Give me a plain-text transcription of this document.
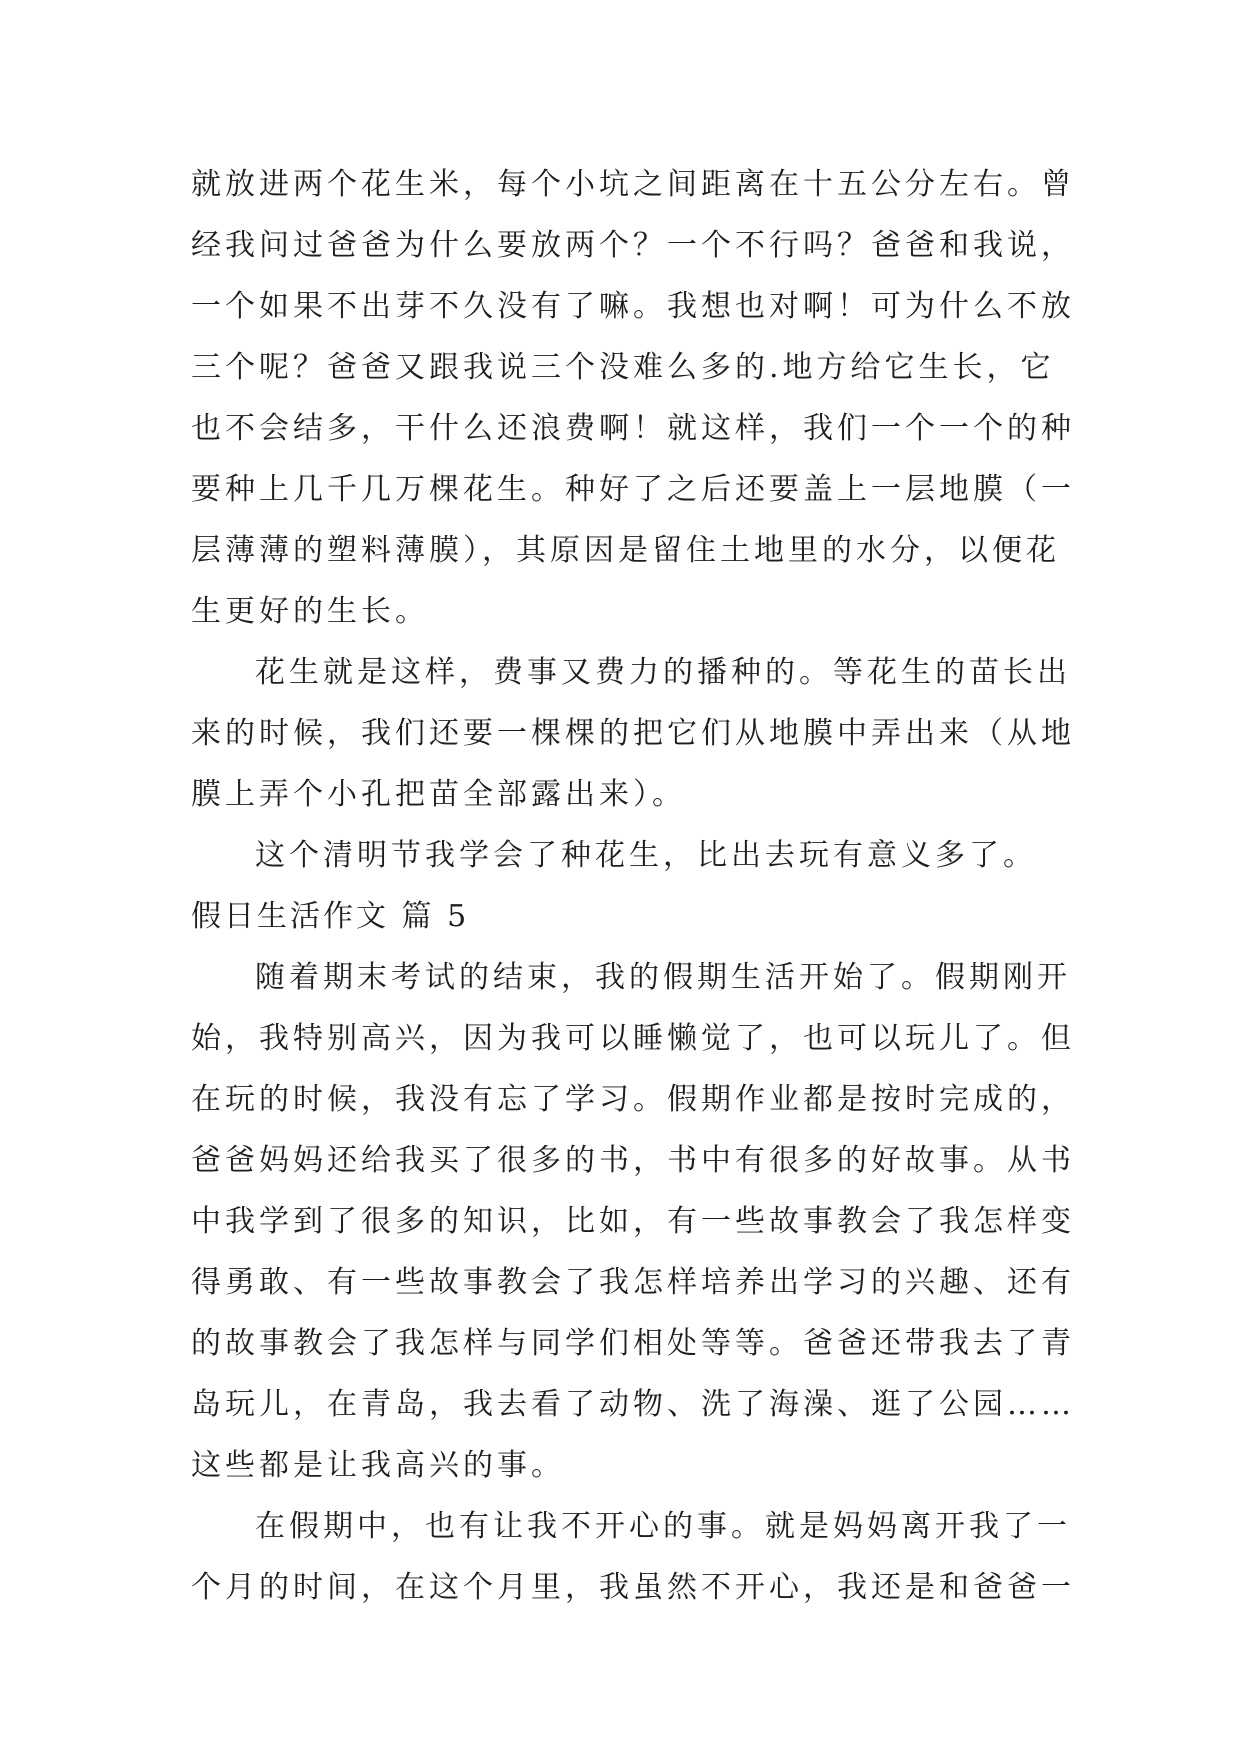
就放进两个花生米，每个小坑之间距离在十五公分左右。曾
经我问过爸爸为什么要放两个？一个不行吗？爸爸和我说，
一个如果不出芽不久没有了嘛。我想也对啊！可为什么不放
三个呢？爸爸又跟我说三个没难么多的.地方给它生长，它
也不会结多，干什么还浪费啊！就这样，我们一个一个的种
要种上几千几万棵花生。种好了之后还要盖上一层地膜（一
层薄薄的塑料薄膜），其原因是留住土地里的水分，以便花
生更好的生长。
花生就是这样，费事又费力的播种的。等花生的苗长出
来的时候，我们还要一棵棵的把它们从地膜中弄出来（从地
膜上弄个小孔把苗全部露出来）。
这个清明节我学会了种花生，比出去玩有意义多了。
假日生活作文 篇 5
随着期末考试的结束，我的假期生活开始了。假期刚开
始，我特别高兴，因为我可以睡懒觉了，也可以玩儿了。但
在玩的时候，我没有忘了学习。假期作业都是按时完成的，
爸爸妈妈还给我买了很多的书，书中有很多的好故事。从书
中我学到了很多的知识，比如，有一些故事教会了我怎样变
得勇敢、有一些故事教会了我怎样培养出学习的兴趣、还有
的故事教会了我怎样与同学们相处等等。爸爸还带我去了青
岛玩儿，在青岛，我去看了动物、洗了海澡、逛了公园……
这些都是让我高兴的事。
在假期中，也有让我不开心的事。就是妈妈离开我了一
个月的时间，在这个月里，我虽然不开心，我还是和爸爸一
